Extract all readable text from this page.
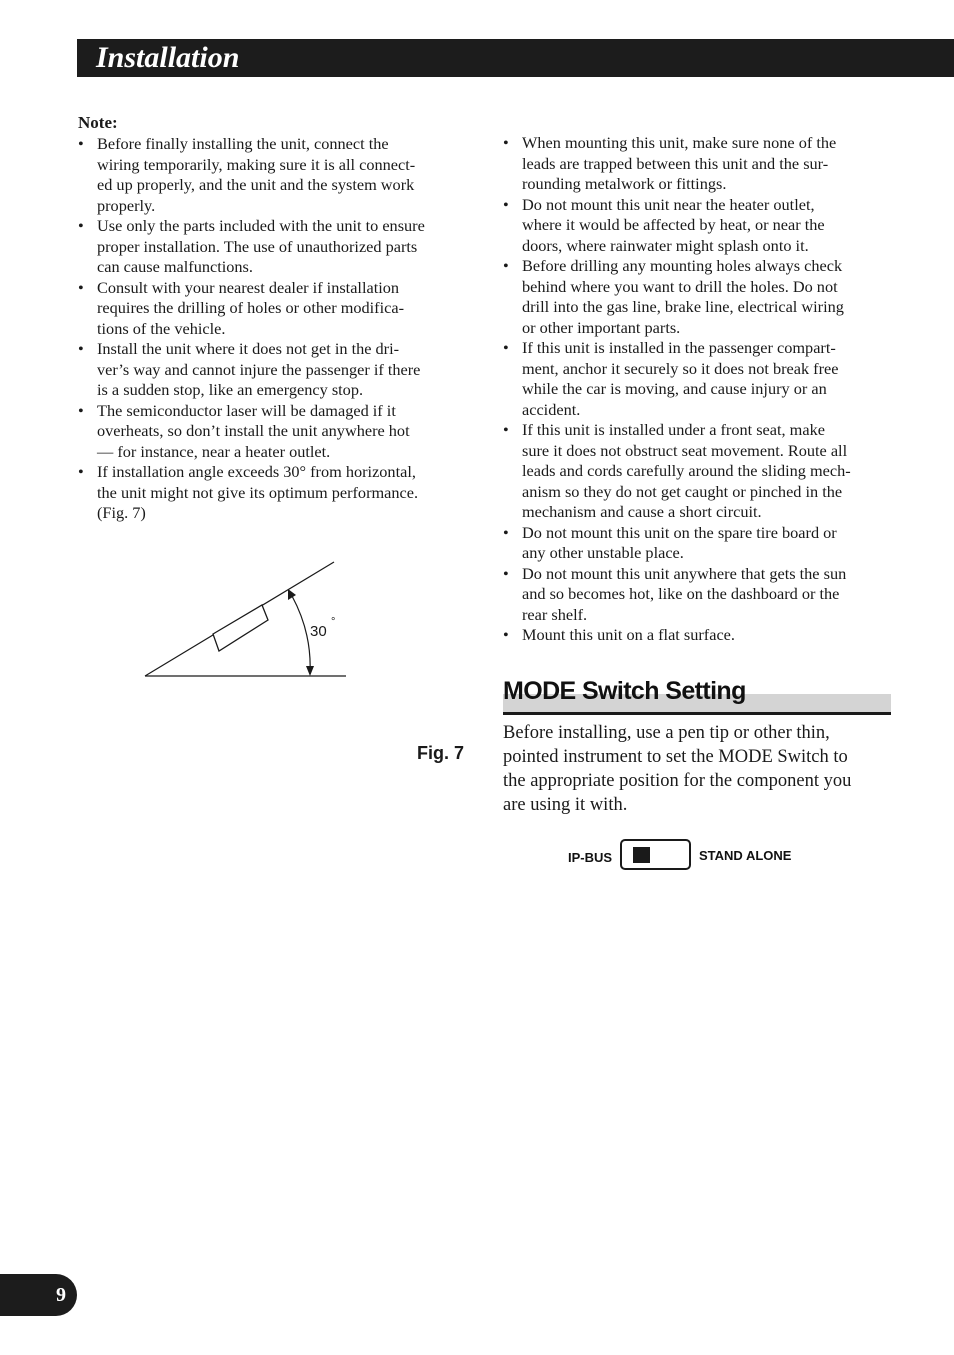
Installation

Note:

• Before finally installing the unit, connect the
wiring temporarily, making sure it is all connect-
ed up properly, and the unit and the system work
properly.
• Use only the parts included with the unit to ensure
proper installation. The use of unauthorized parts
can cause malfunctions.
• Consult with your nearest dealer if installation
requires the drilling of holes or other modifica-
tions of the vehicle.
• Install the unit where it does not get in the dri-
ver’s way and cannot injure the passenger if there
is a sudden stop, like an emergency stop.
• The semiconductor laser will be damaged if it
overheats, so don’t install the unit anywhere hot
— for instance, near a heater outlet.
• If installation angle exceeds 30° from horizontal,
the unit might not give its optimum performance.
(Fig. 7)
30
°
Fig. 7
• When mounting this unit, make sure none of the
leads are trapped between this unit and the sur-
rounding metalwork or fittings.
• Do not mount this unit near the heater outlet,
where it would be affected by heat, or near the
doors, where rainwater might splash onto it.
• Before drilling any mounting holes always check
behind where you want to drill the holes. Do not
drill into the gas line, brake line, electrical wiring
or other important parts.
• If this unit is installed in the passenger compart-
ment, anchor it securely so it does not break free
while the car is moving, and cause injury or an
accident.
• If this unit is installed under a front seat, make
sure it does not obstruct seat movement. Route all
leads and cords carefully around the sliding mech-
anism so they do not get caught or pinched in the
mechanism and cause a short circuit.
• Do not mount this unit on the spare tire board or
any other unstable place.
• Do not mount this unit anywhere that gets the sun
and so becomes hot, like on the dashboard or the
rear shelf.
• Mount this unit on a flat surface.
MODE Switch Setting

Before installing, use a pen tip or other thin,
pointed instrument to set the MODE Switch to
the appropriate position for the component you
are using it with.

IP-BUS	STAND ALONE
9
